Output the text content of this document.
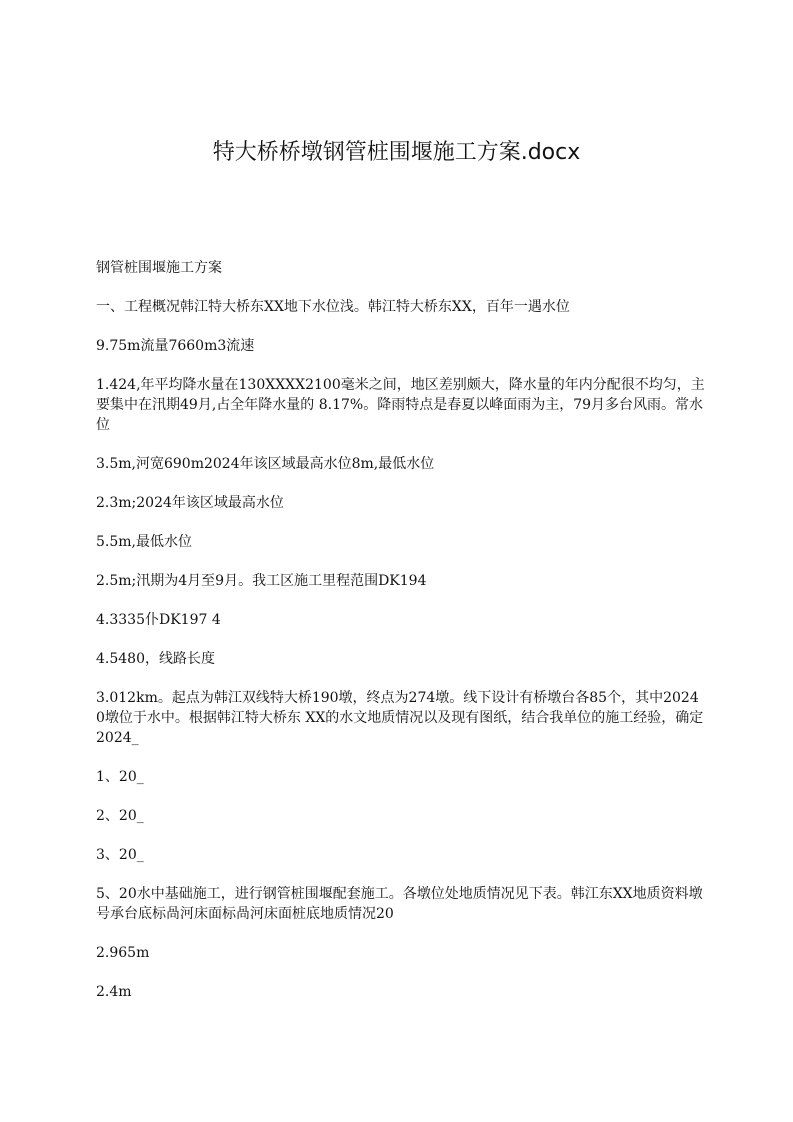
特大桥桥墩钢管桩围堰施工方案.docx

钢管桩围堰施工方案

一、工程概况韩江特大桥东XX地下水位浅。韩江特大桥东XX，百年一遇水位

9.75m流量7660m3流速

1.424,年平均降水量在130XXXX2100毫米之间，地区差别颇大，降水量的年内分配很不均匀，主要集中在汛期49月,占全年降水量的 8.17%。降雨特点是春夏以峰面雨为主，79月多台风雨。常水位

3.5m,河宽690m2024年该区域最高水位8m,最低水位

2.3m;2024年该区域最高水位

5.5m,最低水位

2.5m;汛期为4月至9月。我工区施工里程范围DK194

4.3335仆DK197 4

4.5480，线路长度

3.012km。起点为韩江双线特大桥190墩，终点为274墩。线下设计有桥墩台各85个，其中20240墩位于水中。根据韩江特大桥东 XX的水文地质情况以及现有图纸，结合我单位的施工经验，确定2024_

1、20_

2、20_

3、20_

5、20水中基础施工，进行钢管桩围堰配套施工。各墩位处地质情况见下表。韩江东XX地质资料墩号承台底标咼河床面标咼河床面桩底地质情况20

2.965m

2.4m
